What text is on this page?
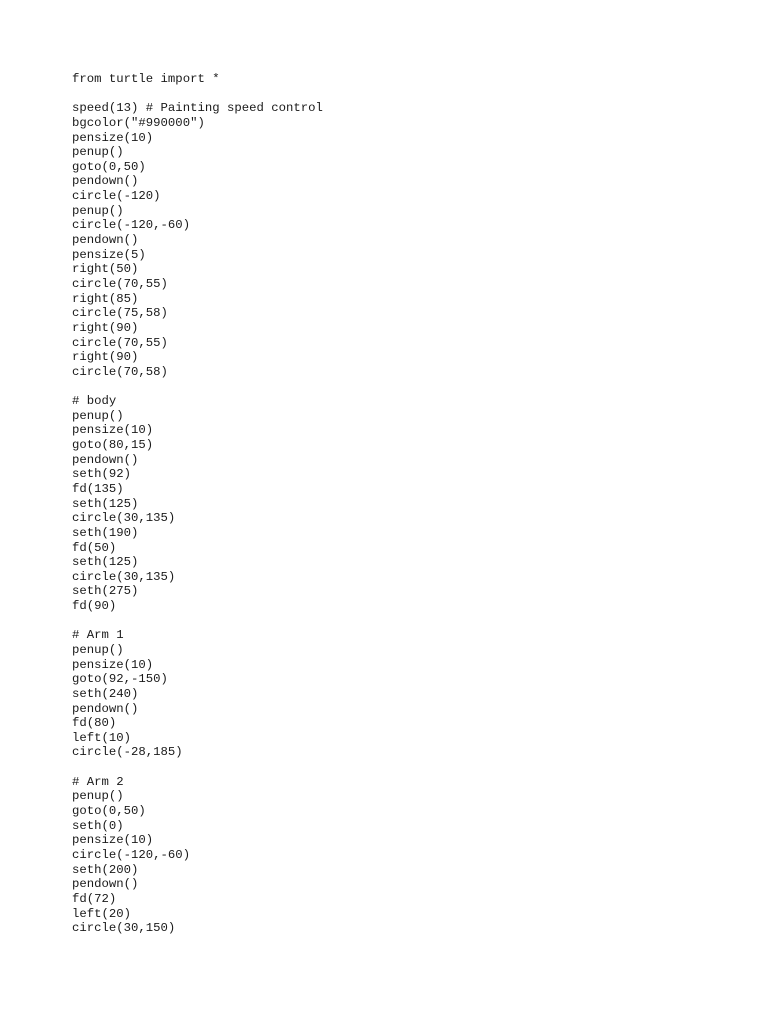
from turtle import *
speed(13) # Painting speed control
bgcolor("#990000")
pensize(10)
penup()
goto(0,50)
pendown()
circle(-120)
penup()
circle(-120,-60)
pendown()
pensize(5)
right(50)
circle(70,55)
right(85)
circle(75,58)
right(90)
circle(70,55)
right(90)
circle(70,58)
# body
penup()
pensize(10)
goto(80,15)
pendown()
seth(92)
fd(135)
seth(125)
circle(30,135)
seth(190)
fd(50)
seth(125)
circle(30,135)
seth(275)
fd(90)
# Arm 1
penup()
pensize(10)
goto(92,-150)
seth(240)
pendown()
fd(80)
left(10)
circle(-28,185)
# Arm 2
penup()
goto(0,50)
seth(0)
pensize(10)
circle(-120,-60)
seth(200)
pendown()
fd(72)
left(20)
circle(30,150)
